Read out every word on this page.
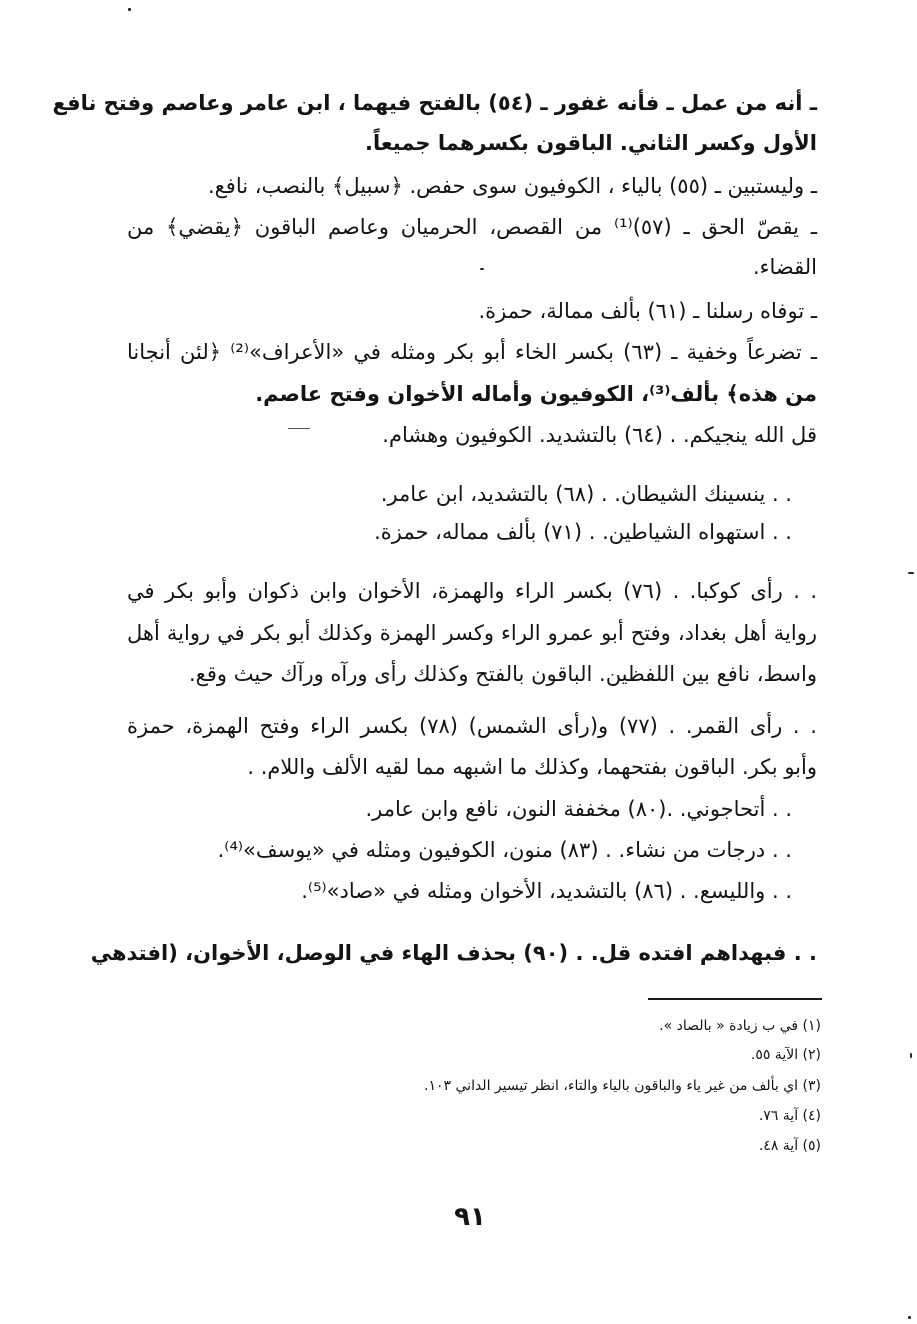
ـ أنه من عمل ـ فأنه غفور ـ (٥٤) بالفتح فيهما ، ابن عامر وعاصم وفتح نافع
الأول وكسر الثاني. الباقون بكسرهما جميعاً.
ـ وليستبين ـ (٥٥) بالياء ، الكوفيون سوى حفص. ﴿سبيل﴾ بالنصب، نافع.
ـ يقصّ الحق ـ (٥٧)⁽¹⁾ من القصص، الحرميان وعاصم الباقون ﴿يقضي﴾ من
القضاء.
ـ توفاه رسلنا ـ (٦١) بألف ممالة، حمزة.
ـ تضرعاً وخفية ـ (٦٣) بكسر الخاء أبو بكر ومثله في «الأعراف»⁽²⁾ ﴿لئن أنجانا
من هذه﴾ بألف⁽³⁾، الكوفيون وأماله الأخوان وفتح عاصم.
قل الله ينجيكم. . (٦٤) بالتشديد. الكوفيون وهشام.
. . ينسينك الشيطان. . (٦٨) بالتشديد، ابن عامر.
. . استهواه الشياطين. . (٧١) بألف مماله، حمزة.
. . رأى كوكبا. . (٧٦) بكسر الراء والهمزة، الأخوان وابن ذكوان وأبو بكر في
رواية أهل بغداد، وفتح أبو عمرو الراء وكسر الهمزة وكذلك أبو بكر في رواية أهل
واسط، نافع بين اللفظين. الباقون بالفتح وكذلك رأى ورآه ورآك حيث وقع.
. . رأى القمر. . (٧٧) و(رأى الشمس) (٧٨) بكسر الراء وفتح الهمزة، حمزة
وأبو بكر. الباقون بفتحهما، وكذلك ما اشبهه مما لقيه الألف واللام. .
. . أتحاجوني. .(٨٠) مخففة النون، نافع وابن عامر.
. . درجات من نشاء. . (٨٣) منون، الكوفيون ومثله في «يوسف»⁽⁴⁾.
. . والليسع. . (٨٦) بالتشديد، الأخوان ومثله في «صاد»⁽⁵⁾.
. . فبهداهم افتده قل. . (٩٠) بحذف الهاء في الوصل، الأخوان، (افتدهي
(١) في ب زيادة « بالصاد ».
(٢) الآية ٥٥.
(٣) اي بألف من غير ياء والباقون بالياء والتاء، انظر تيسير الداني ١٠٣.
(٤) آية ٧٦.
(٥) آية ٤٨.
٩١
